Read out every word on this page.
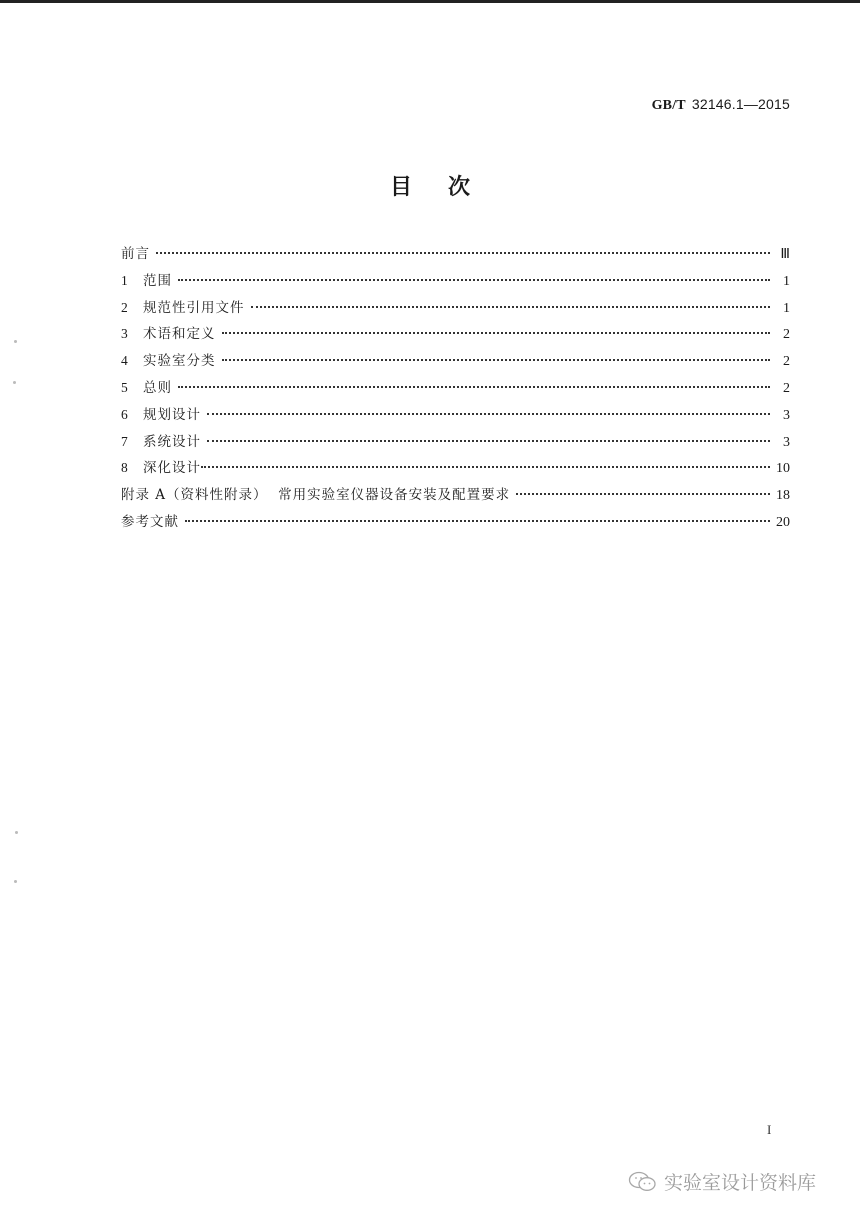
GB/T 32146.1—2015
目次
前言	Ⅲ
1	范围	1
2	规范性引用文件	1
3	术语和定义	2
4	实验室分类	2
5	总则	2
6	规划设计	3
7	系统设计	3
8	深化设计	10
附录 A（资料性附录）  常用实验室仪器设备安装及配置要求	18
参考文献	20
I
实验室设计资料库
